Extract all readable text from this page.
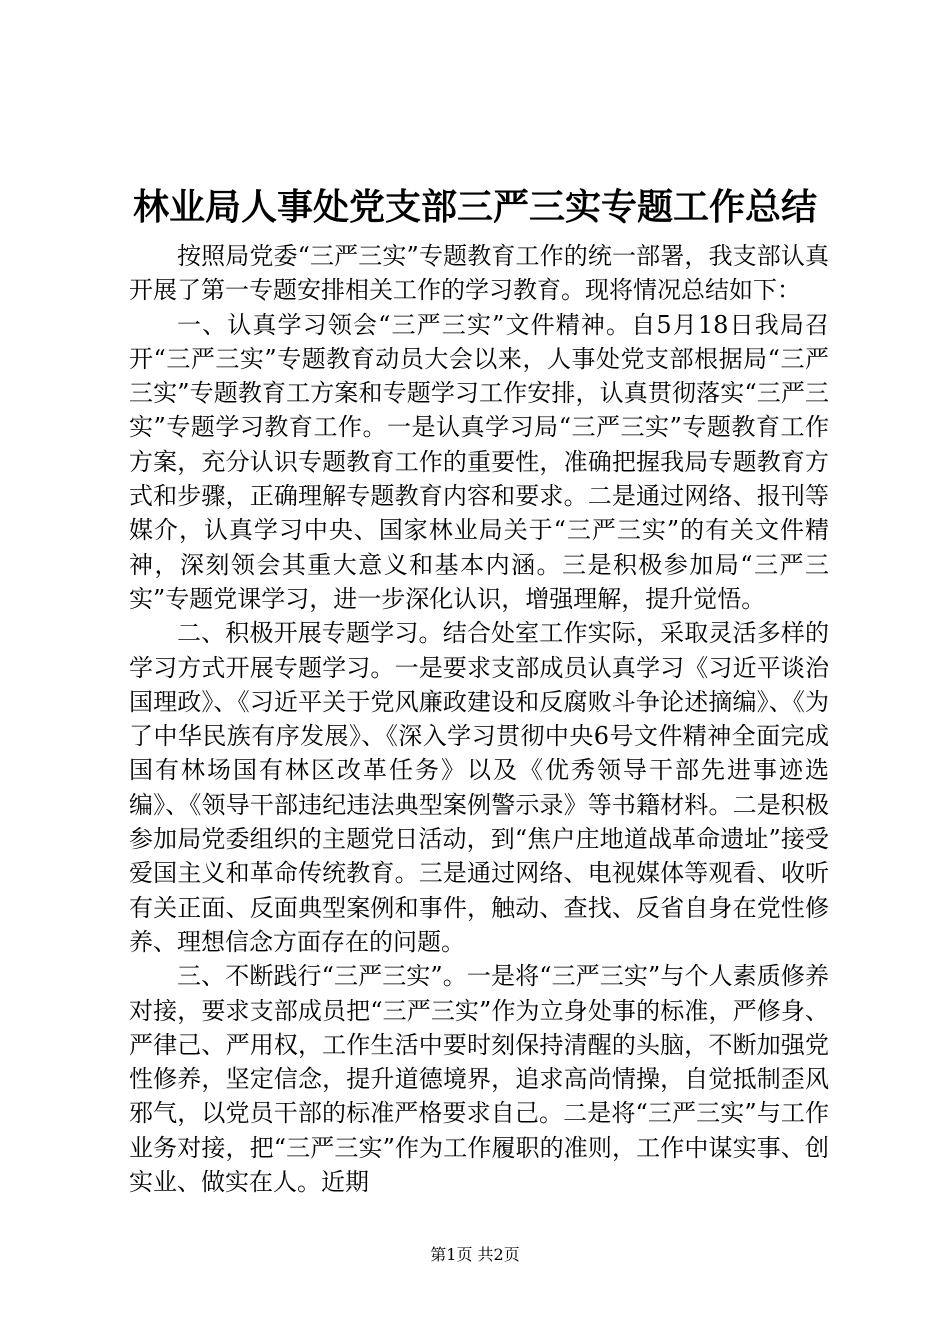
林业局人事处党支部三严三实专题工作总结

按照局党委“三严三实”专题教育工作的统一部署，我支部认真开展了第一专题安排相关工作的学习教育。现将情况总结如下：

一、认真学习领会“三严三实”文件精神。自5月18日我局召开“三严三实”专题教育动员大会以来，人事处党支部根据局“三严三实”专题教育工方案和专题学习工作安排，认真贯彻落实“三严三实”专题学习教育工作。一是认真学习局“三严三实”专题教育工作方案，充分认识专题教育工作的重要性，准确把握我局专题教育方式和步骤，正确理解专题教育内容和要求。二是通过网络、报刊等媒介，认真学习中央、国家林业局关于“三严三实”的有关文件精神，深刻领会其重大意义和基本内涵。三是积极参加局“三严三实”专题党课学习，进一步深化认识，增强理解，提升觉悟。

二、积极开展专题学习。结合处室工作实际，采取灵活多样的学习方式开展专题学习。一是要求支部成员认真学习《习近平谈治国理政》、《习近平关于党风廉政建设和反腐败斗争论述摘编》、《为了中华民族有序发展》、《深入学习贯彻中央6号文件精神全面完成国有林场国有林区改革任务》以及《优秀领导干部先进事迹选编》、《领导干部违纪违法典型案例警示录》等书籍材料。二是积极参加局党委组织的主题党日活动，到“焦户庄地道战革命遗址”接受爱国主义和革命传统教育。三是通过网络、电视媒体等观看、收听有关正面、反面典型案例和事件，触动、查找、反省自身在党性修养、理想信念方面存在的问题。

三、不断践行“三严三实”。一是将“三严三实”与个人素质修养对接，要求支部成员把“三严三实”作为立身处事的标准，严修身、严律己、严用权，工作生活中要时刻保持清醒的头脑，不断加强党性修养，坚定信念，提升道德境界，追求高尚情操，自觉抵制歪风邪气，以党员干部的标准严格要求自己。二是将“三严三实”与工作业务对接，把“三严三实”作为工作履职的准则，工作中谋实事、创实业、做实在人。近期

第1页 共2页
